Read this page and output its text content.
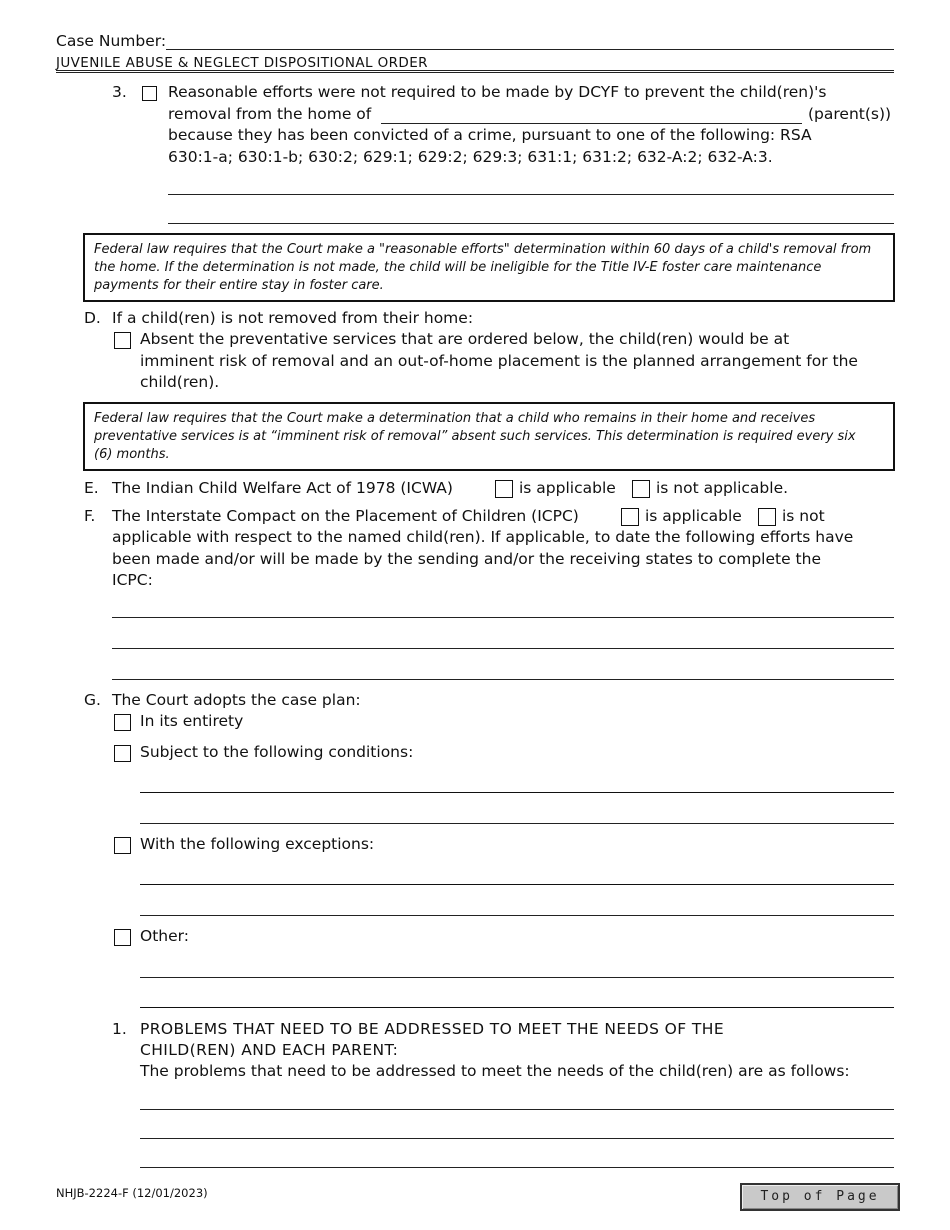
Case Number:
JUVENILE ABUSE & NEGLECT DISPOSITIONAL ORDER
3.	Reasonable efforts were not required to be made by DCYF to prevent the child(ren)'s
removal from the home of	(parent(s))
because they has been convicted of a crime, pursuant to one of the following: RSA
630:1-a; 630:1-b; 630:2; 629:1; 629:2; 629:3; 631:1; 631:2; 632-A:2; 632-A:3.
Federal law requires that the Court make a "reasonable efforts" determination within 60 days of a child's removal from
the home. If the determination is not made, the child will be ineligible for the Title IV-E foster care maintenance
payments for their entire stay in foster care.
D. If a child(ren) is not removed from their home:
Absent the preventative services that are ordered below, the child(ren) would be at
imminent risk of removal and an out-of-home placement is the planned arrangement for the
child(ren).
Federal law requires that the Court make a determination that a child who remains in their home and receives
preventative services is at “imminent risk of removal” absent such services. This determination is required every six
(6) months.
E. The Indian Child Welfare Act of 1978 (ICWA)	is applicable	is not applicable.
F. The Interstate Compact on the Placement of Children (ICPC)	is applicable	is not
applicable with respect to the named child(ren). If applicable, to date the following efforts have
been made and/or will be made by the sending and/or the receiving states to complete the
ICPC:
G. The Court adopts the case plan:
In its entirety
Subject to the following conditions:
With the following exceptions:
Other:
1. PROBLEMS THAT NEED TO BE ADDRESSED TO MEET THE NEEDS OF THE
CHILD(REN) AND EACH PARENT:
The problems that need to be addressed to meet the needs of the child(ren) are as follows:
NHJB-2224-F (12/01/2023)	Top of Page
